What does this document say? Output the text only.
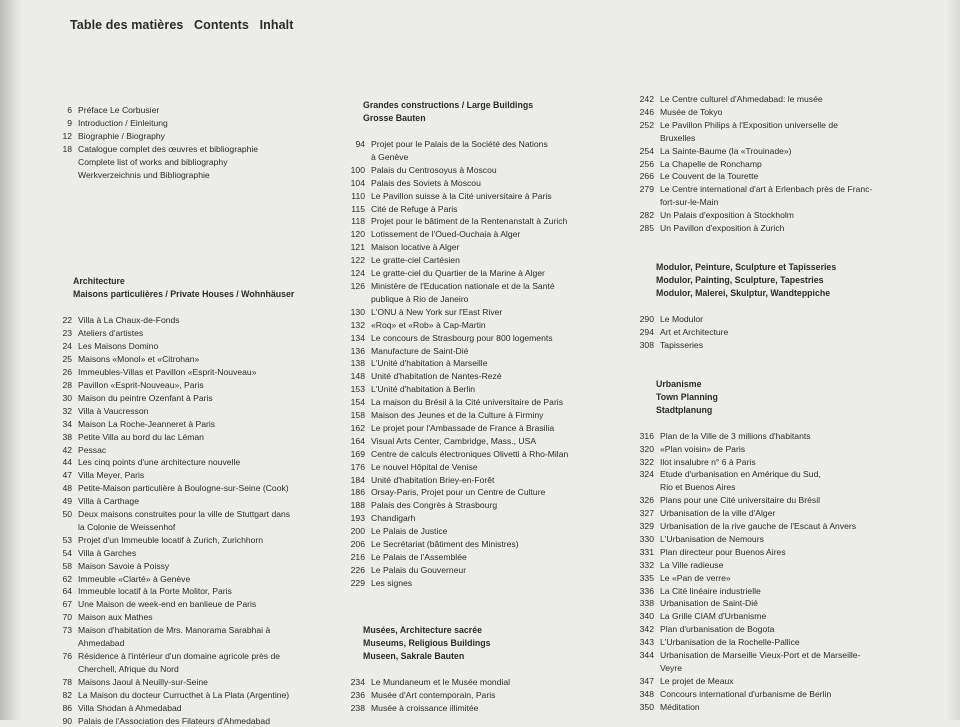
Table des matières Contents Inhalt
6 Préface Le Corbusier
9 Introduction / Einleitung
12 Biographie / Biography
18 Catalogue complet des œuvres et bibliographie
Complete list of works and bibliography
Werkverzeichnis und Bibliographie
Architecture
Maisons particulières / Private Houses / Wohnhäuser
22 Villa à La Chaux-de-Fonds
23 Ateliers d'artistes
24 Les Maisons Domino
25 Maisons «Monol» et «Citrohan»
26 Immeubles-Villas et Pavillon «Esprit-Nouveau»
28 Pavillon «Esprit-Nouveau», Paris
30 Maison du peintre Ozenfant à Paris
32 Villa à Vaucresson
34 Maison La Roche-Jeanneret à Paris
38 Petite Villa au bord du lac Léman
42 Pessac
44 Les cinq points d'une architecture nouvelle
47 Villa Meyer, Paris
48 Petite-Maison particulière à Boulogne-sur-Seine (Cook)
49 Villa à Carthage
50 Deux maisons construites pour la ville de Stuttgart dans
la Colonie de Weissenhof
53 Projet d'un Immeuble locatif à Zurich, Zurichhorn
54 Villa à Garches
58 Maison Savoie à Poissy
62 Immeuble «Clarté» à Genève
64 Immeuble locatif à la Porte Molitor, Paris
67 Une Maison de week-end en banlieue de Paris
70 Maison aux Mathes
73 Maison d'habitation de Mrs. Manorama Sarabhai à
Ahmedabad
76 Résidence à l'intérieur d'un domaine agricole près de
Cherchell, Afrique du Nord
78 Maisons Jaoul à Neuilly-sur-Seine
82 La Maison du docteur Curructhet à La Plata (Argentine)
86 Villa Shodan à Ahmedabad
90 Palais de l'Association des Filateurs d'Ahmedabad
Grandes constructions / Large Buildings
Grosse Bauten
94 Projet pour le Palais de la Société des Nations
à Genève
100 Palais du Centrosoyus à Moscou
104 Palais des Soviets à Moscou
110 Le Pavillon suisse à la Cité universitaire à Paris
115 Cité de Refuge à Paris
118 Projet pour le bâtiment de la Rentenanstalt à Zurich
120 Lotissement de l'Oued-Ouchaia à Alger
121 Maison locative à Alger
122 Le gratte-ciel Cartésien
124 Le gratte-ciel du Quartier de la Marine à Alger
126 Ministère de l'Education nationale et de la Santé
publique à Rio de Janeiro
130 L'ONU à New York sur l'East River
132 «Roq» et «Rob» à Cap-Martin
134 Le concours de Strasbourg pour 800 logements
136 Manufacture de Saint-Dié
138 L'Unité d'habitation à Marseille
148 Unité d'habitation de Nantes-Rezé
153 L'Unité d'habitation à Berlin
154 La maison du Brésil à la Cité universitaire de Paris
158 Maison des Jeunes et de la Culture à Firminy
162 Le projet pour l'Ambassade de France à Brasilia
164 Visual Arts Center, Cambridge, Mass., USA
169 Centre de calculs électroniques Olivetti à Rho-Milan
176 Le nouvel Hôpital de Venise
184 Unité d'habitation Briey-en-Forêt
186 Orsay-Paris, Projet pour un Centre de Culture
188 Palais des Congrès à Strasbourg
193 Chandigarh
200 Le Palais de Justice
206 Le Secrétariat (bâtiment des Ministres)
216 Le Palais de l'Assemblée
226 Le Palais du Gouverneur
229 Les signes
Musées, Architecture sacrée
Museums, Religious Buildings
Museen, Sakrale Bauten
234 Le Mundaneum et le Musée mondial
236 Musée d'Art contemporain, Paris
238 Musée à croissance illimitée
242 Le Centre culturel d'Ahmedabad: le musée
246 Musée de Tokyo
252 Le Pavillon Philips à l'Exposition universelle de
Bruxelles
254 La Sainte-Baume (la «Trouinade»)
256 La Chapelle de Ronchamp
266 Le Couvent de la Tourette
279 Le Centre international d'art à Erlenbach près de Franc-
fort-sur-le-Main
282 Un Palais d'exposition à Stockholm
285 Un Pavillon d'exposition à Zurich
Modulor, Peinture, Sculpture et Tapisseries
Modulor, Painting, Sculpture, Tapestries
Modulor, Malerei, Skulptur, Wandteppiche
290 Le Modulor
294 Art et Architecture
308 Tapisseries
Urbanisme
Town Planning
Stadtplanung
316 Plan de la Ville de 3 millions d'habitants
320 «Plan voisin» de Paris
322 Ilot insalubre n° 6 à Paris
324 Etude d'urbanisation en Amérique du Sud,
Rio et Buenos Aires
326 Plans pour une Cité universitaire du Brésil
327 Urbanisation de la ville d'Alger
329 Urbanisation de la rive gauche de l'Escaut à Anvers
330 L'Urbanisation de Nemours
331 Plan directeur pour Buenos Aires
332 La Ville radieuse
335 Le «Pan de verre»
336 La Cité linéaire industrielle
338 Urbanisation de Saint-Dié
340 La Grille CIAM d'Urbanisme
342 Plan d'urbanisation de Bogota
343 L'Urbanisation de la Rochelle-Pallice
344 Urbanisation de Marseille Vieux-Port et de Marseille-
Veyre
347 Le projet de Meaux
348 Concours international d'urbanisme de Berlin
350 Méditation
